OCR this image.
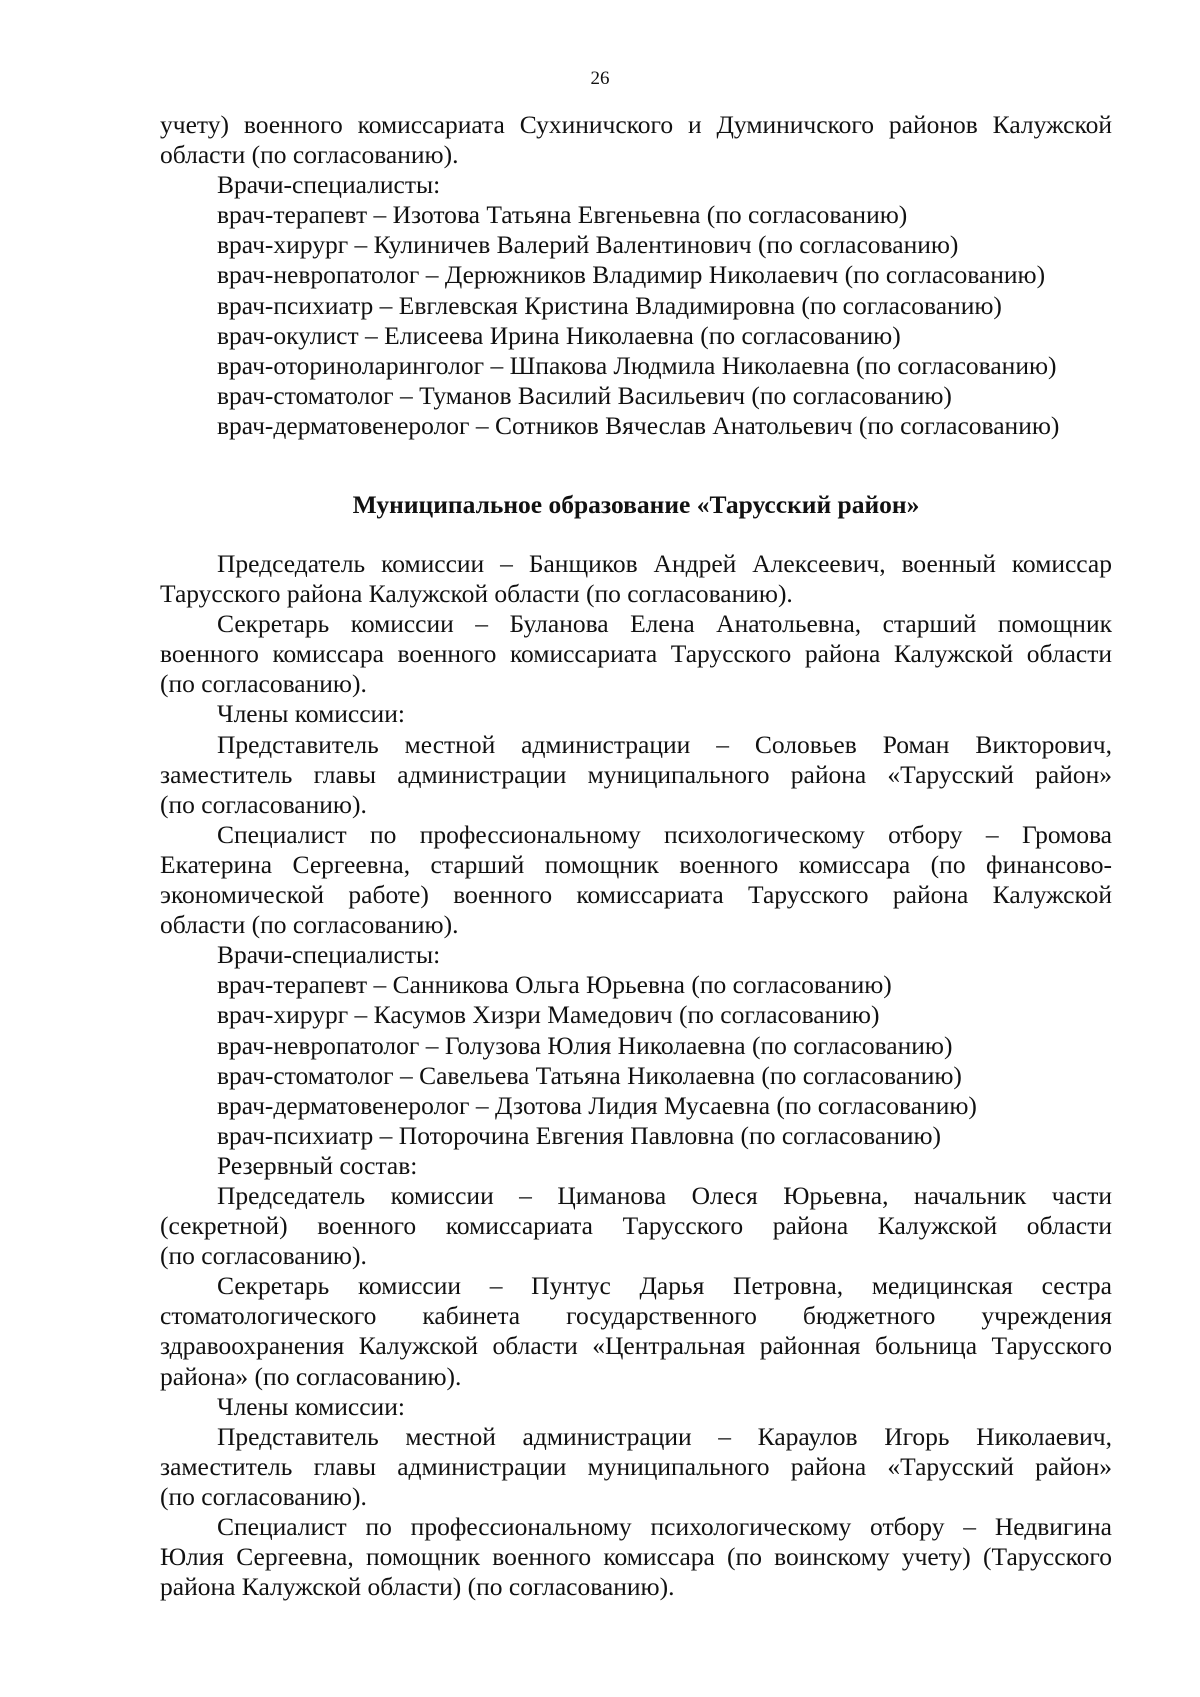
26
учету) военного комиссариата Сухиничского и Думиничского районов Калужской
области (по согласованию).
Врачи-специалисты:
врач-терапевт – Изотова Татьяна Евгеньевна (по согласованию)
врач-хирург – Кулиничев Валерий Валентинович (по согласованию)
врач-невропатолог – Дерюжников Владимир Николаевич (по согласованию)
врач-психиатр – Евглевская Кристина Владимировна (по согласованию)
врач-окулист – Елисеева Ирина Николаевна (по согласованию)
врач-оториноларинголог – Шпакова Людмила Николаевна (по согласованию)
врач-стоматолог – Туманов Василий Васильевич (по согласованию)
врач-дерматовенеролог – Сотников Вячеслав Анатольевич (по согласованию)
Муниципальное образование «Тарусский район»
Председатель комиссии – Банщиков Андрей Алексеевич, военный комиссар
Тарусского района Калужской области (по согласованию).
Секретарь комиссии – Буланова Елена Анатольевна, старший помощник
военного комиссара военного комиссариата Тарусского района Калужской области
(по согласованию).
Члены комиссии:
Представитель местной администрации – Соловьев Роман Викторович,
заместитель главы администрации муниципального района «Тарусский район»
(по согласованию).
Специалист по профессиональному психологическому отбору – Громова
Екатерина Сергеевна, старший помощник военного комиссара (по финансово-
экономической работе) военного комиссариата Тарусского района Калужской
области (по согласованию).
Врачи-специалисты:
врач-терапевт – Санникова Ольга Юрьевна (по согласованию)
врач-хирург – Касумов Хизри Мамедович (по согласованию)
врач-невропатолог – Голузова Юлия Николаевна (по согласованию)
врач-стоматолог – Савельева Татьяна Николаевна (по согласованию)
врач-дерматовенеролог – Дзотова Лидия Мусаевна (по согласованию)
врач-психиатр – Поторочина Евгения Павловна (по согласованию)
Резервный состав:
Председатель комиссии – Циманова Олеся Юрьевна, начальник части
(секретной) военного комиссариата Тарусского района Калужской области
(по согласованию).
Секретарь комиссии – Пунтус Дарья Петровна, медицинская сестра
стоматологического кабинета государственного бюджетного учреждения
здравоохранения Калужской области «Центральная районная больница Тарусского
района» (по согласованию).
Члены комиссии:
Представитель местной администрации – Караулов Игорь Николаевич,
заместитель главы администрации муниципального района «Тарусский район»
(по согласованию).
Специалист по профессиональному психологическому отбору – Недвигина
Юлия Сергеевна, помощник военного комиссара (по воинскому учету) (Тарусского
района Калужской области) (по согласованию).
